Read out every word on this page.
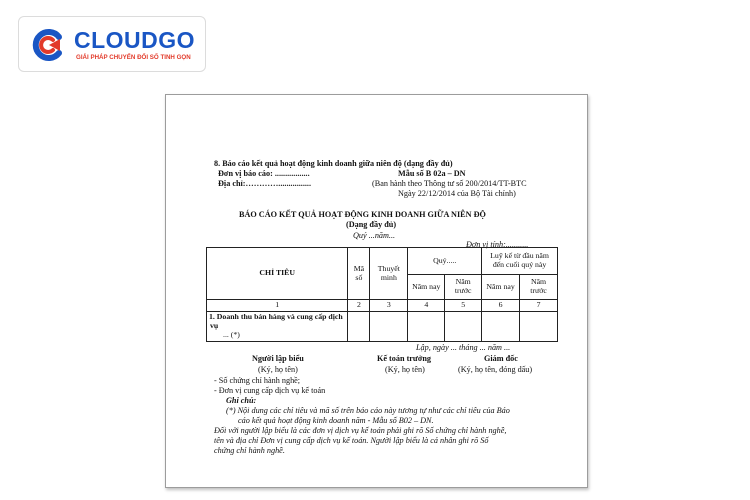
CLOUDGO
GIẢI PHÁP CHUYỂN ĐỔI SỐ TINH GỌN
8. Báo cáo kết quả hoạt động kinh doanh giữa niên độ (dạng đầy đủ)
Đơn vị báo cáo: .................	Mẫu số B 02a – DN
Địa chỉ:…………................	(Ban hành theo Thông tư số 200/2014/TT-BTC
Ngày 22/12/2014 của Bộ Tài chính)
BÁO CÁO KẾT QUẢ HOẠT ĐỘNG KINH DOANH GIỮA NIÊN ĐỘ
(Dạng đầy đủ)
Quý ...năm...
Đơn vị tính:...........
CHỈ TIÊU	Mã số	Thuyết minh	Quý.....		Luỹ kế từ đầu năm đến cuối quý này	
			Năm nay	Năm trước	Năm nay	Năm trước
1	2	3	4	5	6	7

1. Doanh thu bán hàng và cung cấp dịch vụ
... (*)						

Lập, ngày ... tháng ... năm ...
Người lập biểu
(Ký, họ tên)
Kế toán trưởng
(Ký, họ tên)
Giám đốc
(Ký, họ tên, đóng dấu)
- Số chứng chỉ hành nghề;
- Đơn vị cung cấp dịch vụ kế toán
Ghi chú:
(*) Nội dung các chỉ tiêu và mã số trên báo cáo này tương tự như các chỉ tiêu của Báo
cáo kết quả hoạt động kinh doanh năm - Mẫu số B02 – DN.
Đối với người lập biểu là các đơn vị dịch vụ kế toán phải ghi rõ Số chứng chỉ hành nghề,
tên và địa chỉ Đơn vị cung cấp dịch vụ kế toán. Người lập biểu là cá nhân ghi rõ Số
chứng chỉ hành nghề.
